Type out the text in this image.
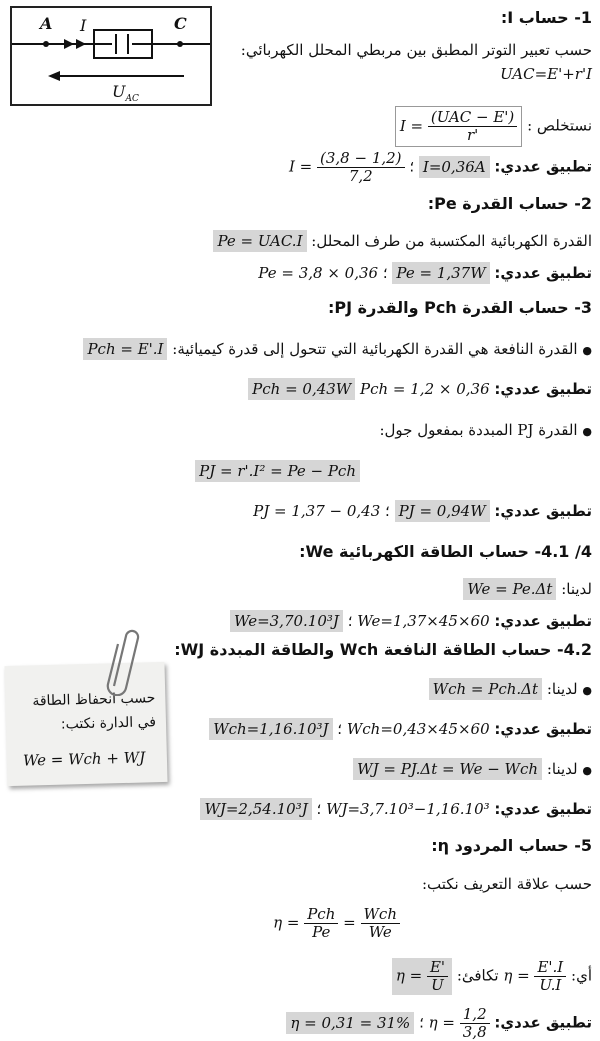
A I	C
$U_{AC}$
1- حساب I:
حسب تعبير التوتر المطبق بين مربطي المحلل الكهربائي:
UAC=E'+r'I
نستخلص : $I = \frac{\text{(UAC − E')}}{r'}$
تطبيق عددي: I=0,36A ؛ $I = \frac{(3,8 - 1,2)}{7,2}$
2- حساب القدرة Pe:
القدرة الكهربائية المكتسبة من طرف المحلل: Pe = UAC.I
تطبيق عددي: Pe = 1,37W ؛ Pe = 3,8 × 0,36
3- حساب القدرة Pch والقدرة PJ:
● القدرة النافعة هي القدرة الكهربائية التي تتحول إلى قدرة كيميائية: Pch = E'.I
تطبيق عددي: Pch = 1,2 × 0,36 Pch = 0,43W
● القدرة PJ المبددة بمفعول جول:
PJ = r'.I² = Pe − Pch
تطبيق عددي: PJ = 0,94W ؛ PJ = 1,37 − 0,43
4/ 4.1- حساب الطاقة الكهربائية We:
لدينا: We = Pe.Δt
تطبيق عددي: We=1,37×45×60 ؛ We=3,70.10³J
4.2- حساب الطاقة النافعة Wch والطاقة المبددة WJ:
● لدينا: Wch = Pch.Δt
تطبيق عددي: Wch=0,43×45×60 ؛ Wch=1,16.10³J
● لدينا: WJ = PJ.Δt = We − Wch
تطبيق عددي: WJ=3,7.10³−1,16.10³ ؛ WJ=2,54.10³J
حسب انحفاظ الطاقة
في الدارة نكتب:
We = Wch + WJ
5- حساب المردود η:
حسب علاقة التعريف نكتب:
$\eta = \frac{\text{Pch}}{Pe} = \frac{\text{Wch}}{We}$
أي: $\eta = \frac{E'.I}{U.I}$
تكافئ: $\eta = \frac{E'}{U}$
تطبيق عددي: $\eta = \frac{1,2}{3,8}$
؛ η = 0,31 = 31%
